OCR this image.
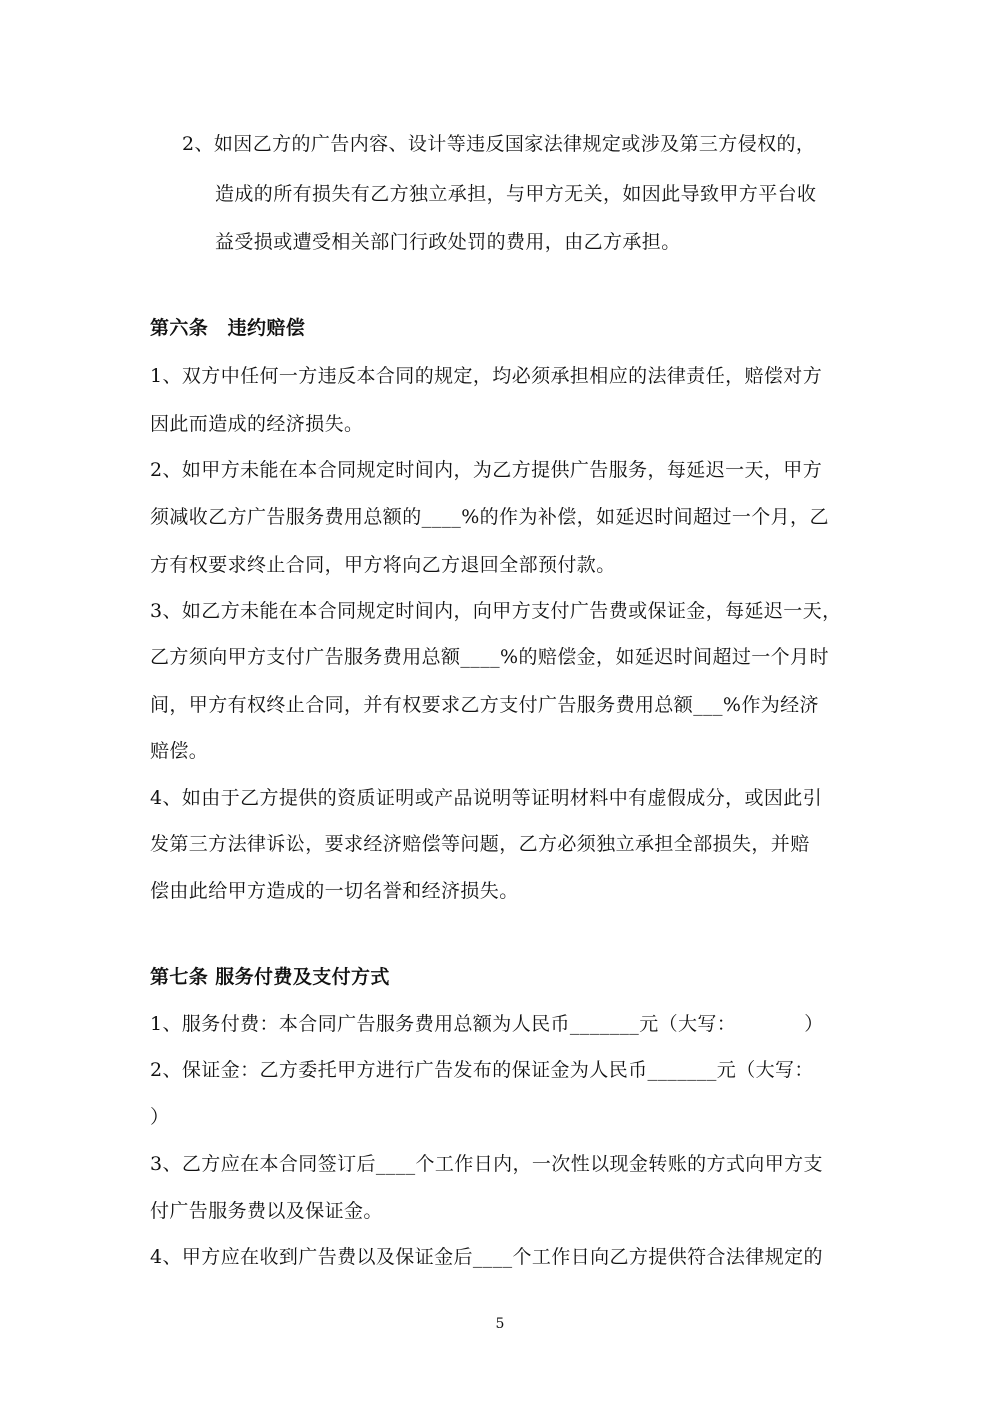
2、如因乙方的广告内容、设计等违反国家法律规定或涉及第三方侵权的，
造成的所有损失有乙方独立承担，与甲方无关，如因此导致甲方平台收
益受损或遭受相关部门行政处罚的费用，由乙方承担。
第六条　违约赔偿
1、双方中任何一方违反本合同的规定，均必须承担相应的法律责任，赔偿对方
因此而造成的经济损失。
2、如甲方未能在本合同规定时间内，为乙方提供广告服务，每延迟一天，甲方
须减收乙方广告服务费用总额的____%的作为补偿，如延迟时间超过一个月，乙
方有权要求终止合同，甲方将向乙方退回全部预付款。
3、如乙方未能在本合同规定时间内，向甲方支付广告费或保证金，每延迟一天，
乙方须向甲方支付广告服务费用总额____%的赔偿金，如延迟时间超过一个月时
间，甲方有权终止合同，并有权要求乙方支付广告服务费用总额___%作为经济
赔偿。
4、如由于乙方提供的资质证明或产品说明等证明材料中有虚假成分，或因此引
发第三方法律诉讼，要求经济赔偿等问题，乙方必须独立承担全部损失，并赔
偿由此给甲方造成的一切名誉和经济损失。
第七条 服务付费及支付方式
1、服务付费：本合同广告服务费用总额为人民币_______元（大写：　　　　）
2、保证金：乙方委托甲方进行广告发布的保证金为人民币_______元（大写：
）
3、乙方应在本合同签订后____个工作日内，一次性以现金转账的方式向甲方支
付广告服务费以及保证金。
4、甲方应在收到广告费以及保证金后____个工作日向乙方提供符合法律规定的
5
